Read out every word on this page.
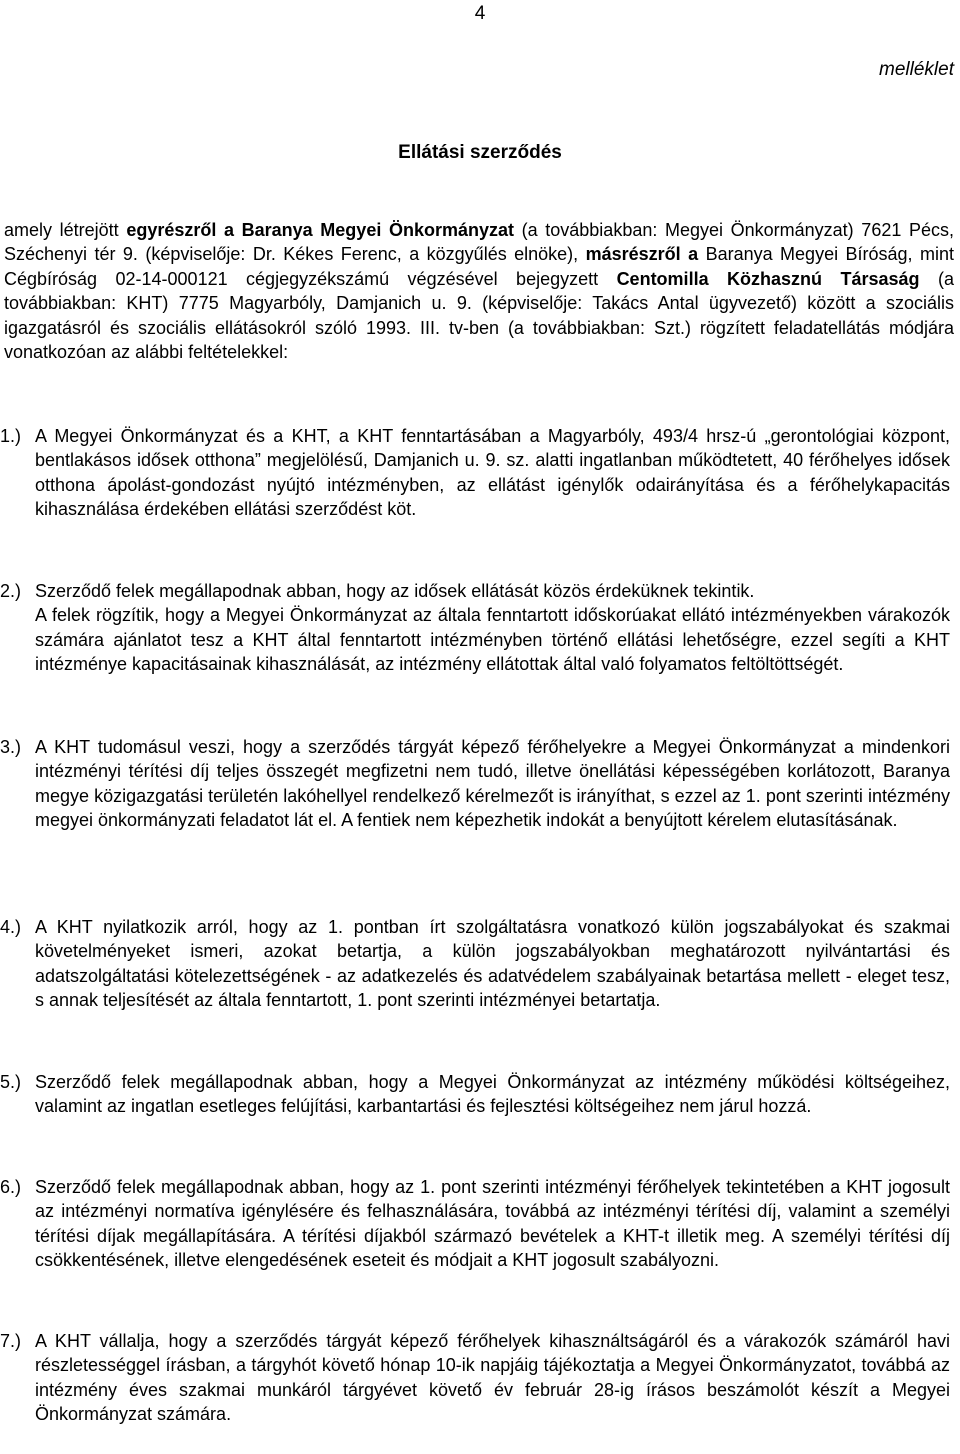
4
melléklet
Ellátási szerződés

amely létrejött egyrészről a Baranya Megyei Önkormányzat (a továbbiakban: Megyei Önkormányzat) 7621 Pécs, Széchenyi tér 9. (képviselője: Dr. Kékes Ferenc, a közgyűlés elnöke), másrészről a Baranya Megyei Bíróság, mint Cégbíróság 02-14-000121 cégjegyzékszámú végzésével bejegyzett Centomilla Közhasznú Társaság (a továbbiakban: KHT) 7775 Magyarbóly, Damjanich u. 9. (képviselője: Takács Antal ügyvezető) között a szociális igazgatásról és szociális ellátásokról szóló 1993. III. tv-ben (a továbbiakban: Szt.) rögzített feladatellátás módjára vonatkozóan az alábbi feltételekkel:

1.) A Megyei Önkormányzat és a KHT, a KHT fenntartásában a Magyarbóly, 493/4 hrsz-ú „gerontológiai központ, bentlakásos idősek otthona” megjelölésű, Damjanich u. 9. sz. alatti ingatlanban működtetett, 40 férőhelyes idősek otthona ápolást-gondozást nyújtó intézményben, az ellátást igénylők odairányítása és a férőhelykapacitás kihasználása érdekében ellátási szerződést köt.

2.) Szerződő felek megállapodnak abban, hogy az idősek ellátását közös érdeküknek tekintik.

A felek rögzítik, hogy a Megyei Önkormányzat az általa fenntartott időskorúakat ellátó intézményekben várakozók számára ajánlatot tesz a KHT által fenntartott intézményben történő ellátási lehetőségre, ezzel segíti a KHT intézménye kapacitásainak kihasználását, az intézmény ellátottak által való folyamatos feltöltöttségét.

3.) A KHT tudomásul veszi, hogy a szerződés tárgyát képező férőhelyekre a Megyei Önkormányzat a mindenkori intézményi térítési díj teljes összegét megfizetni nem tudó, illetve önellátási képességében korlátozott, Baranya megye közigazgatási területén lakóhellyel rendelkező kérelmezőt is irányíthat, s ezzel az 1. pont szerinti intézmény megyei önkormányzati feladatot lát el. A fentiek nem képezhetik indokát a benyújtott kérelem elutasításának.

4.) A KHT nyilatkozik arról, hogy az 1. pontban írt szolgáltatásra vonatkozó külön jogszabályokat és szakmai követelményeket ismeri, azokat betartja, a külön jogszabályokban meghatározott nyilvántartási és adatszolgáltatási kötelezettségének - az adatkezelés és adatvédelem szabályainak betartása mellett - eleget tesz, s annak teljesítését az általa fenntartott, 1. pont szerinti intézményei betartatja.

5.) Szerződő felek megállapodnak abban, hogy a Megyei Önkormányzat az intézmény működési költségeihez, valamint az ingatlan esetleges felújítási, karbantartási és fejlesztési költségeihez nem járul hozzá.

6.) Szerződő felek megállapodnak abban, hogy az 1. pont szerinti intézményi férőhelyek tekintetében a KHT jogosult az intézményi normatíva igénylésére és felhasználására, továbbá az intézményi térítési díj, valamint a személyi térítési díjak megállapítására. A térítési díjakból származó bevételek a KHT-t illetik meg. A személyi térítési díj csökkentésének, illetve elengedésének eseteit és módjait a KHT jogosult szabályozni.

7.) A KHT vállalja, hogy a szerződés tárgyát képező férőhelyek kihasználtságáról és a várakozók számáról havi részletességgel írásban, a tárgyhót követő hónap 10-ik napjáig tájékoztatja a Megyei Önkormányzatot, továbbá az intézmény éves szakmai munkáról tárgyévet követő év február 28-ig írásos beszámolót készít a Megyei Önkormányzat számára.
